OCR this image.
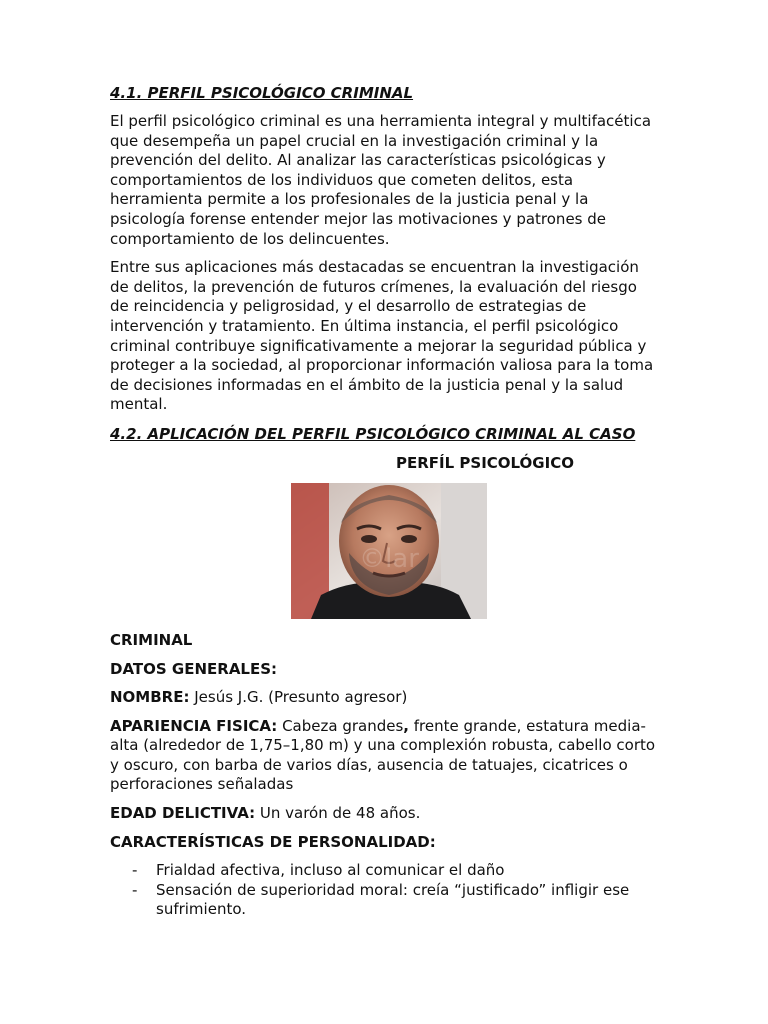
4.1. PERFIL PSICOLÓGICO CRIMINAL

El perfil psicológico criminal es una herramienta integral y multifacética que desempeña un papel crucial en la investigación criminal y la prevención del delito. Al analizar las características psicológicas y comportamientos de los individuos que cometen delitos, esta herramienta permite a los profesionales de la justicia penal y la psicología forense entender mejor las motivaciones y patrones de comportamiento de los delincuentes.

Entre sus aplicaciones más destacadas se encuentran la investigación de delitos, la prevención de futuros crímenes, la evaluación del riesgo de reincidencia y peligrosidad, y el desarrollo de estrategias de intervención y tratamiento. En última instancia, el perfil psicológico criminal contribuye significativamente a mejorar la seguridad pública y proteger a la sociedad, al proporcionar información valiosa para la toma de decisiones informadas en el ámbito de la justicia penal y la salud mental.

4.2. APLICACIÓN DEL PERFIL PSICOLÓGICO CRIMINAL AL CASO
PERFÍL PSICOLÓGICO
©lar
CRIMINAL
DATOS GENERALES:
NOMBRE: Jesús J.G. (Presunto agresor)
APARIENCIA FISICA: Cabeza grandes, frente grande, estatura media-alta (alrededor de 1,75–1,80 m) y una complexión robusta, cabello corto y oscuro, con barba de varios días, ausencia de tatuajes, cicatrices o perforaciones señaladas
EDAD DELICTIVA: Un varón de 48 años.
CARACTERÍSTICAS DE PERSONALIDAD:
- Frialdad afectiva, incluso al comunicar el daño
- Sensación de superioridad moral: creía “justificado” infligir ese sufrimiento.
